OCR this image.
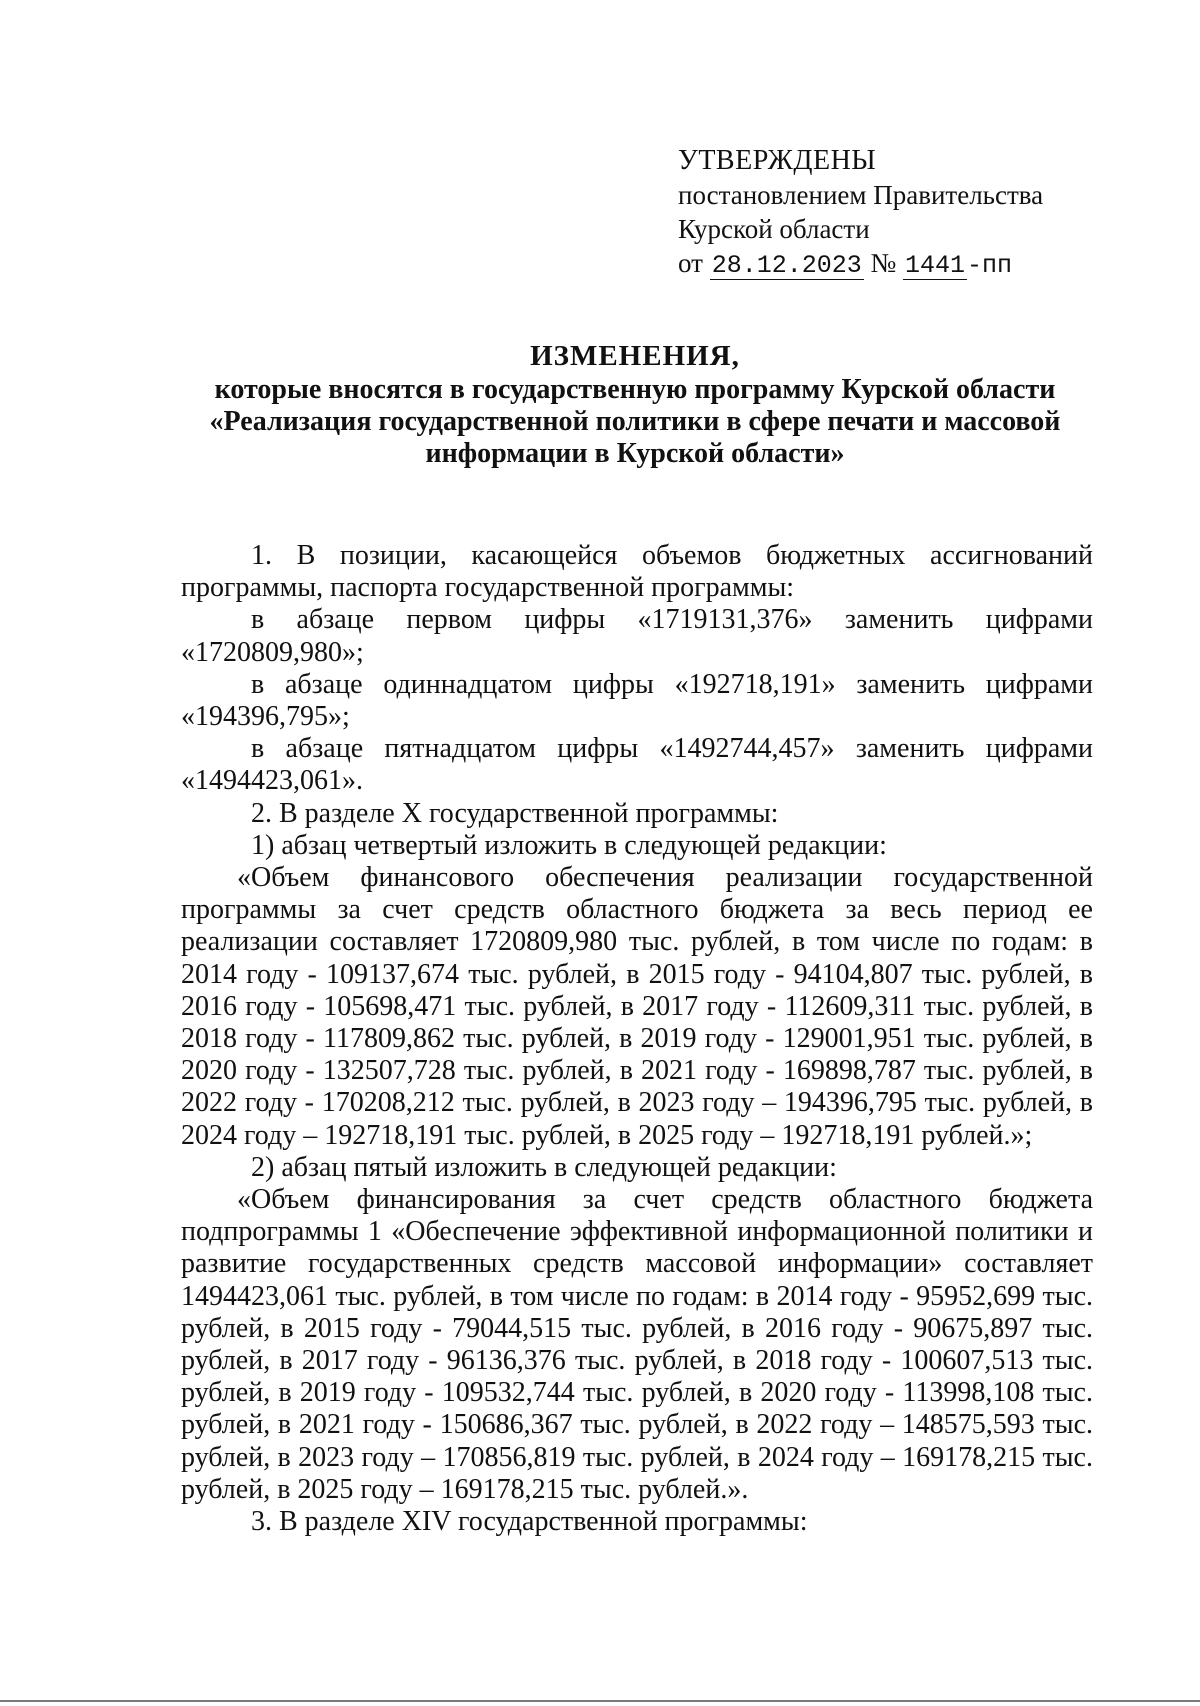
УТВЕРЖДЕНЫ
постановлением Правительства
Курской области
от 28.12.2023 № 1441-пп
ИЗМЕНЕНИЯ,
которые вносятся в государственную программу Курской области
«Реализация государственной политики в сфере печати и массовой
информации в Курской области»

1. В позиции, касающейся объемов бюджетных ассигнований программы, паспорта государственной программы:

в абзаце первом цифры «1719131,376» заменить цифрами «1720809,980»;

в абзаце одиннадцатом цифры «192718,191» заменить цифрами «194396,795»;

в абзаце пятнадцатом цифры «1492744,457» заменить цифрами «1494423,061».

2. В разделе X государственной программы:

1) абзац четвертый изложить в следующей редакции:

«Объем финансового обеспечения реализации государственной программы за счет средств областного бюджета за весь период ее реализации составляет 1720809,980 тыс. рублей, в том числе по годам: в 2014 году - 109137,674 тыс. рублей, в 2015 году - 94104,807 тыс. рублей, в 2016 году - 105698,471 тыс. рублей, в 2017 году - 112609,311 тыс. рублей, в 2018 году - 117809,862 тыс. рублей, в 2019 году - 129001,951 тыс. рублей, в 2020 году - 132507,728 тыс. рублей, в 2021 году - 169898,787 тыс. рублей, в 2022 году - 170208,212 тыс. рублей, в 2023 году – 194396,795 тыс. рублей, в 2024 году – 192718,191 тыс. рублей, в 2025 году – 192718,191 рублей.»;

2) абзац пятый изложить в следующей редакции:

«Объем финансирования за счет средств областного бюджета подпрограммы 1 «Обеспечение эффективной информационной политики и развитие государственных средств массовой информации» составляет 1494423,061 тыс. рублей, в том числе по годам: в 2014 году - 95952,699 тыс. рублей, в 2015 году - 79044,515 тыс. рублей, в 2016 году - 90675,897 тыс. рублей, в 2017 году - 96136,376 тыс. рублей, в 2018 году - 100607,513 тыс. рублей, в 2019 году - 109532,744 тыс. рублей, в 2020 году - 113998,108 тыс. рублей, в 2021 году - 150686,367 тыс. рублей, в 2022 году – 148575,593 тыс. рублей, в 2023 году – 170856,819 тыс. рублей, в 2024 году – 169178,215 тыс. рублей, в 2025 году – 169178,215 тыс. рублей.».

3. В разделе XIV государственной программы:
